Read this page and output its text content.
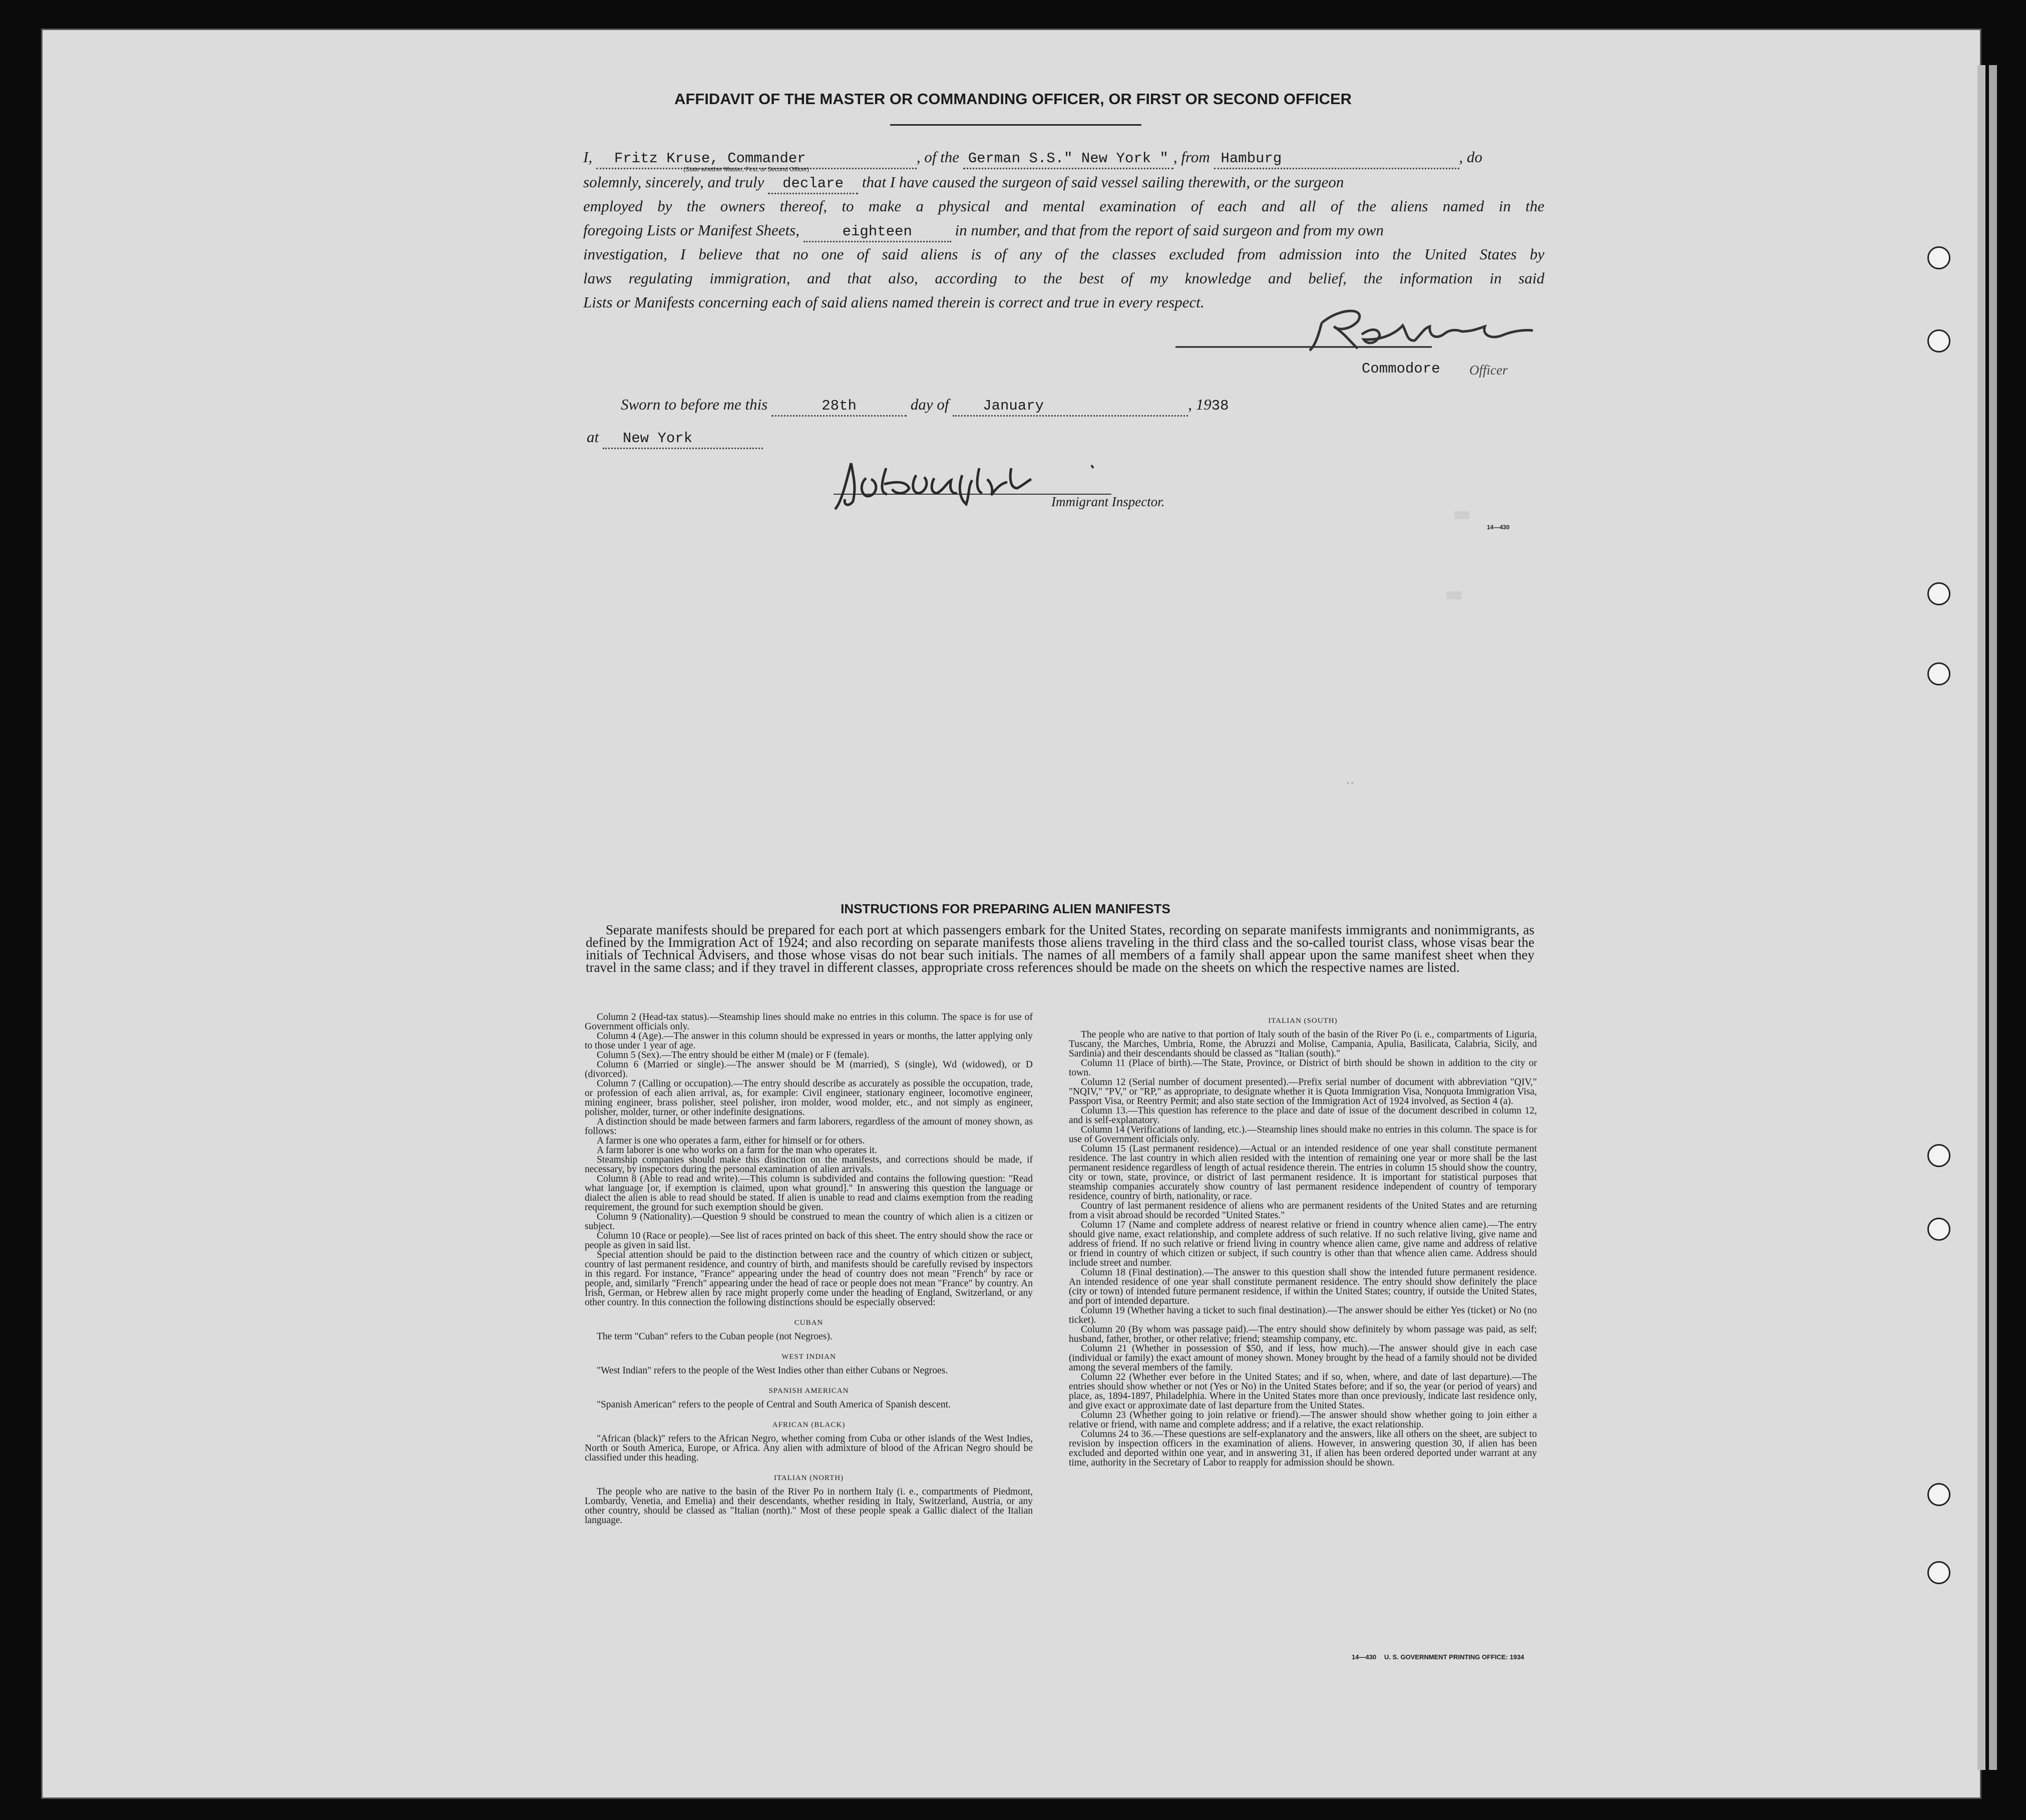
AFFIDAVIT OF THE MASTER OR COMMANDING OFFICER, OR FIRST OR SECOND OFFICER
I, Fritz Kruse, Commander	, of the German S.S." New York " , from Hamburg	, do
(State whether Master, First, or Second Officer)
solemnly, sincerely, and truly declare that I have caused the surgeon of said vessel sailing therewith, or the surgeon
employed by the owners thereof, to make a physical and mental examination of each and all of the aliens named in the
foregoing Lists or Manifest Sheets,	eighteen	in number, and that from the report of said surgeon and from my own
investigation, I believe that no one of said aliens is of any of the classes excluded from admission into the United States by
laws regulating immigration, and that also, according to the best of my knowledge and belief, the information in said
Lists or Manifests concerning each of said aliens named therein is correct and true in every respect.
Commodore Officer
Sworn to before me this	28th	day of January	, 1938
at New York
Immigrant Inspector.
14—430
▒▒▒
▒▒▒
▪ ▪
INSTRUCTIONS FOR PREPARING ALIEN MANIFESTS
Separate manifests should be prepared for each port at which passengers embark for the United States, recording on separate manifests immigrants and nonimmigrants, as defined by the Immigration Act of 1924; and also recording on separate manifests those aliens traveling in the third class and the so-called tourist class, whose visas bear the initials of Technical Advisers, and those whose visas do not bear such initials. The names of all members of a family shall appear upon the same manifest sheet when they travel in the same class; and if they travel in different classes, appropriate cross references should be made on the sheets on which the respective names are listed.

Column 2 (Head-tax status).—Steamship lines should make no entries in this column. The space is for use of Government officials only.

Column 4 (Age).—The answer in this column should be expressed in years or months, the latter applying only to those under 1 year of age.

Column 5 (Sex).—The entry should be either M (male) or F (female).

Column 6 (Married or single).—The answer should be M (married), S (single), Wd (widowed), or D (divorced).

Column 7 (Calling or occupation).—The entry should describe as accurately as possible the occupation, trade, or profession of each alien arrival, as, for example: Civil engineer, stationary engineer, locomotive engineer, mining engineer, brass polisher, steel polisher, iron molder, wood molder, etc., and not simply as engineer, polisher, molder, turner, or other indefinite designations.

A distinction should be made between farmers and farm laborers, regardless of the amount of money shown, as follows:

A farmer is one who operates a farm, either for himself or for others.

A farm laborer is one who works on a farm for the man who operates it.

Steamship companies should make this distinction on the manifests, and corrections should be made, if necessary, by inspectors during the personal examination of alien arrivals.

Column 8 (Able to read and write).—This column is subdivided and contains the following question: "Read what language [or, if exemption is claimed, upon what ground]." In answering this question the language or dialect the alien is able to read should be stated. If alien is unable to read and claims exemption from the reading requirement, the ground for such exemption should be given.

Column 9 (Nationality).—Question 9 should be construed to mean the country of which alien is a citizen or subject.

Column 10 (Race or people).—See list of races printed on back of this sheet. The entry should show the race or people as given in said list.

Special attention should be paid to the distinction between race and the country of which citizen or subject, country of last permanent residence, and country of birth, and manifests should be carefully revised by inspectors in this regard. For instance, "France" appearing under the head of country does not mean "French" by race or people, and, similarly "French" appearing under the head of race or people does not mean "France" by country. An Irish, German, or Hebrew alien by race might properly come under the heading of England, Switzerland, or any other country. In this connection the following distinctions should be especially observed:

CUBAN

The term "Cuban" refers to the Cuban people (not Negroes).

WEST INDIAN

"West Indian" refers to the people of the West Indies other than either Cubans or Negroes.

SPANISH AMERICAN

"Spanish American" refers to the people of Central and South America of Spanish descent.

AFRICAN (BLACK)

"African (black)" refers to the African Negro, whether coming from Cuba or other islands of the West Indies, North or South America, Europe, or Africa. Any alien with admixture of blood of the African Negro should be classified under this heading.

ITALIAN (NORTH)

The people who are native to the basin of the River Po in northern Italy (i. e., compartments of Piedmont, Lombardy, Venetia, and Emelia) and their descendants, whether residing in Italy, Switzerland, Austria, or any other country, should be classed as "Italian (north)." Most of these people speak a Gallic dialect of the Italian language.

ITALIAN (SOUTH)

The people who are native to that portion of Italy south of the basin of the River Po (i. e., compartments of Liguria, Tuscany, the Marches, Umbria, Rome, the Abruzzi and Molise, Campania, Apulia, Basilicata, Calabria, Sicily, and Sardinia) and their descendants should be classed as "Italian (south)."

Column 11 (Place of birth).—The State, Province, or District of birth should be shown in addition to the city or town.

Column 12 (Serial number of document presented).—Prefix serial number of document with abbreviation "QIV," "NQIV," "PV," or "RP," as appropriate, to designate whether it is Quota Immigration Visa, Nonquota Immigration Visa, Passport Visa, or Reentry Permit; and also state section of the Immigration Act of 1924 involved, as Section 4 (a).

Column 13.—This question has reference to the place and date of issue of the document described in column 12, and is self-explanatory.

Column 14 (Verifications of landing, etc.).—Steamship lines should make no entries in this column. The space is for use of Government officials only.

Column 15 (Last permanent residence).—Actual or an intended residence of one year shall constitute permanent residence. The last country in which alien resided with the intention of remaining one year or more shall be the last permanent residence regardless of length of actual residence therein. The entries in column 15 should show the country, city or town, state, province, or district of last permanent residence. It is important for statistical purposes that steamship companies accurately show country of last permanent residence independent of country of temporary residence, country of birth, nationality, or race.

Country of last permanent residence of aliens who are permanent residents of the United States and are returning from a visit abroad should be recorded "United States."

Column 17 (Name and complete address of nearest relative or friend in country whence alien came).—The entry should give name, exact relationship, and complete address of such relative. If no such relative living, give name and address of friend. If no such relative or friend living in country whence alien came, give name and address of relative or friend in country of which citizen or subject, if such country is other than that whence alien came. Address should include street and number.

Column 18 (Final destination).—The answer to this question shall show the intended future permanent residence. An intended residence of one year shall constitute permanent residence. The entry should show definitely the place (city or town) of intended future permanent residence, if within the United States; country, if outside the United States, and port of intended departure.

Column 19 (Whether having a ticket to such final destination).—The answer should be either Yes (ticket) or No (no ticket).

Column 20 (By whom was passage paid).—The entry should show definitely by whom passage was paid, as self; husband, father, brother, or other relative; friend; steamship company, etc.

Column 21 (Whether in possession of $50, and if less, how much).—The answer should give in each case (individual or family) the exact amount of money shown. Money brought by the head of a family should not be divided among the several members of the family.

Column 22 (Whether ever before in the United States; and if so, when, where, and date of last departure).—The entries should show whether or not (Yes or No) in the United States before; and if so, the year (or period of years) and place, as, 1894-1897, Philadelphia. Where in the United States more than once previously, indicate last residence only, and give exact or approximate date of last departure from the United States.

Column 23 (Whether going to join relative or friend).—The answer should show whether going to join either a relative or friend, with name and complete address; and if a relative, the exact relationship.

Columns 24 to 36.—These questions are self-explanatory and the answers, like all others on the sheet, are subject to revision by inspection officers in the examination of aliens. However, in answering question 30, if alien has been excluded and deported within one year, and in answering 31, if alien has been ordered deported under warrant at any time, authority in the Secretary of Labor to reapply for admission should be shown.

14—430 U. S. GOVERNMENT PRINTING OFFICE: 1934
